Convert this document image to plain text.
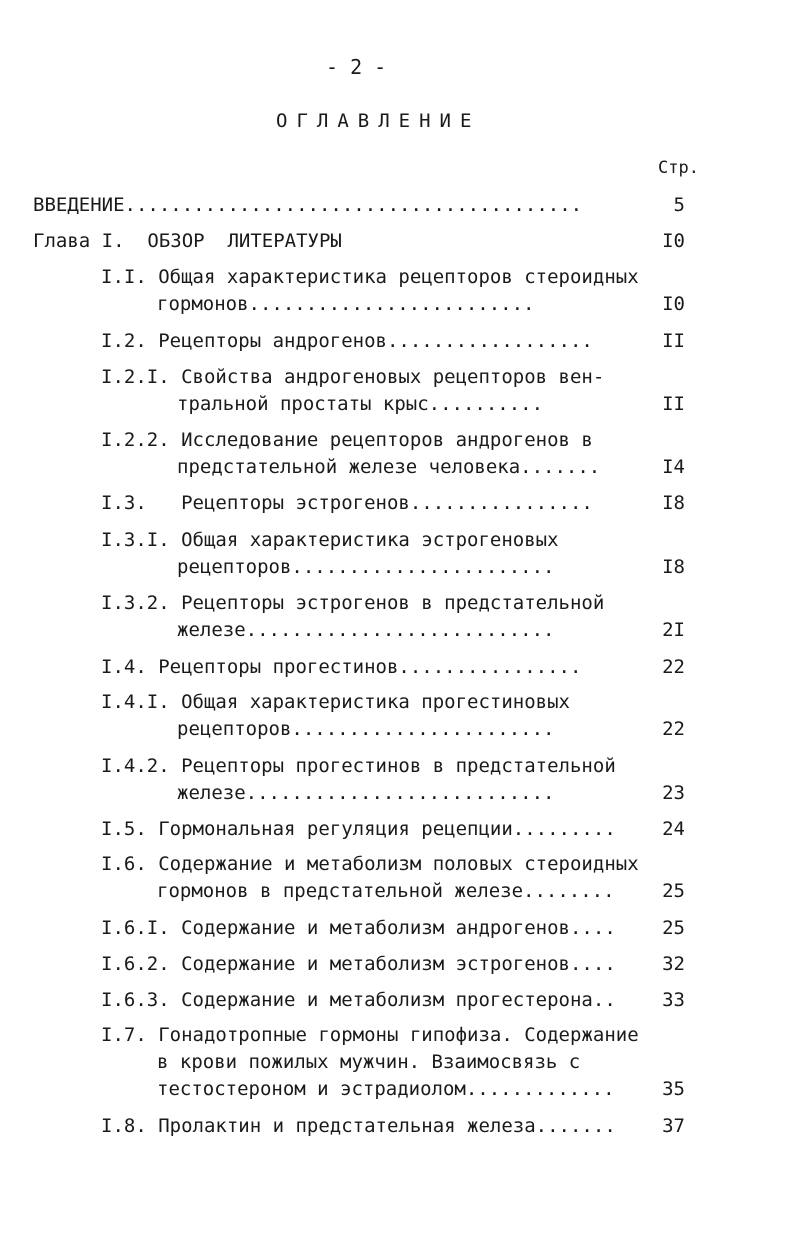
- 2 -
ОГЛАВЛЕНИЕ
Стр.
ВВЕДЕНИЕ........................................	5
Глава I.  ОБЗОР  ЛИТЕРАТУРЫ	I0
I.I. Общая характеристика рецепторов стероидных
гормонов.........................	I0
I.2. Рецепторы андрогенов..................	II
I.2.I. Свойства андрогеновых рецепторов вен-
тральной простаты крыс..........	II
I.2.2. Исследование рецепторов андрогенов в
предстательной железе человека.......	I4
I.3.   Рецепторы эстрогенов................	I8
I.3.I. Общая характеристика эстрогеновых
рецепторов.......................	I8
I.3.2. Рецепторы эстрогенов в предстательной
железе...........................	2I
I.4. Рецепторы прогестинов................	22
I.4.I. Общая характеристика прогестиновых
рецепторов.......................	22
I.4.2. Рецепторы прогестинов в предстательной
железе...........................	23
I.5. Гормональная регуляция рецепции.........	24
I.6. Содержание и метаболизм половых стероидных
гормонов в предстательной железе........	25
I.6.I. Содержание и метаболизм андрогенов....	25
I.6.2. Содержание и метаболизм эстрогенов....	32
I.6.3. Содержание и метаболизм прогестерона..	33
I.7. Гонадотропные гормоны гипофиза. Содержание
в крови пожилых мужчин. Взаимосвязь с
тестостероном и эстрадиолом.............	35
I.8. Пролактин и предстательная железа.......	37
